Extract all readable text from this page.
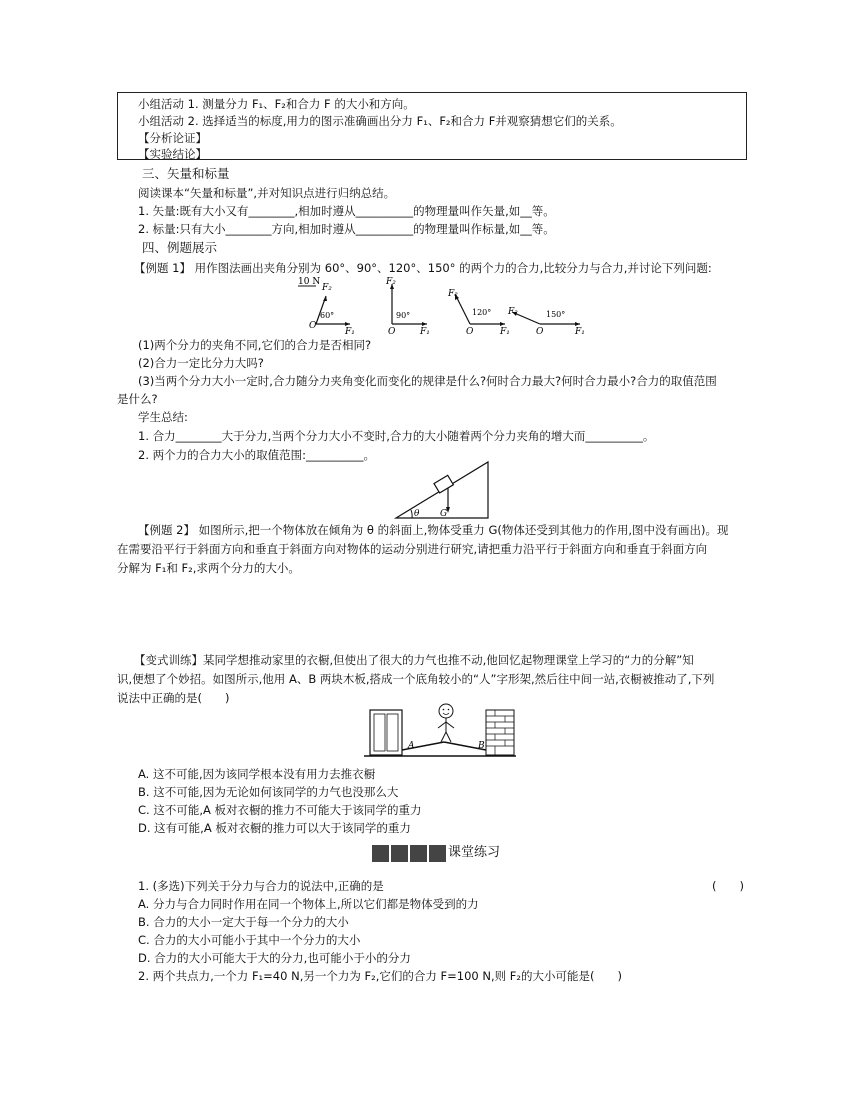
小组活动 1. 测量分力 F₁、F₂和合力 F 的大小和方向。
小组活动 2. 选择适当的标度,用力的图示准确画出分力 F₁、F₂和合力 F并观察猜想它们的关系。
【分析论证】
【实验结论】
三、矢量和标量
阅读课本“矢量和标量”,并对知识点进行归纳总结。
1. 矢量:既有大小又有________,相加时遵从__________的物理量叫作矢量,如__等。
2. 标量:只有大小________方向,相加时遵从__________的物理量叫作标量,如__等。
四、例题展示
【例题 1】 用作图法画出夹角分别为 60°、90°、120°、150° 的两个力的合力,比较分力与合力,并讨论下列问题:
10 N
O
F₁
F₂
60°
F₂
O	F₁
90°
F₂
O	F₁
120° F₂
O	F₁
150°
(1)两个分力的夹角不同,它们的合力是否相同?
(2)合力一定比分力大吗?
(3)当两个分力大小一定时,合力随分力夹角变化而变化的规律是什么?何时合力最大?何时合力最小?合力的取值范围
是什么?
学生总结:
1. 合力________大于分力,当两个分力大小不变时,合力的大小随着两个分力夹角的增大而__________。
2. 两个力的合力大小的取值范围:__________。
θ G
【例题 2】 如图所示,把一个物体放在倾角为 θ 的斜面上,物体受重力 G(物体还受到其他力的作用,图中没有画出)。现
在需要沿平行于斜面方向和垂直于斜面方向对物体的运动分别进行研究,请把重力沿平行于斜面方向和垂直于斜面方向
分解为 F₁和 F₂,求两个分力的大小。
【变式训练】某同学想推动家里的衣橱,但使出了很大的力气也推不动,他回忆起物理课堂上学习的“力的分解”知
识,便想了个妙招。如图所示,他用 A、B 两块木板,搭成一个底角较小的“人”字形架,然后往中间一站,衣橱被推动了,下列
说法中正确的是(　　)
A	B
A. 这不可能,因为该同学根本没有用力去推衣橱
B. 这不可能,因为无论如何该同学的力气也没那么大
C. 这不可能,A 板对衣橱的推力不可能大于该同学的重力
D. 这有可能,A 板对衣橱的推力可以大于该同学的重力
课堂练习
1. (多选)下列关于分力与合力的说法中,正确的是	(　　)
A. 分力与合力同时作用在同一个物体上,所以它们都是物体受到的力
B. 合力的大小一定大于每一个分力的大小
C. 合力的大小可能小于其中一个分力的大小
D. 合力的大小可能大于大的分力,也可能小于小的分力
2. 两个共点力,一个力 F₁=40 N,另一个力为 F₂,它们的合力 F=100 N,则 F₂的大小可能是(　　)
